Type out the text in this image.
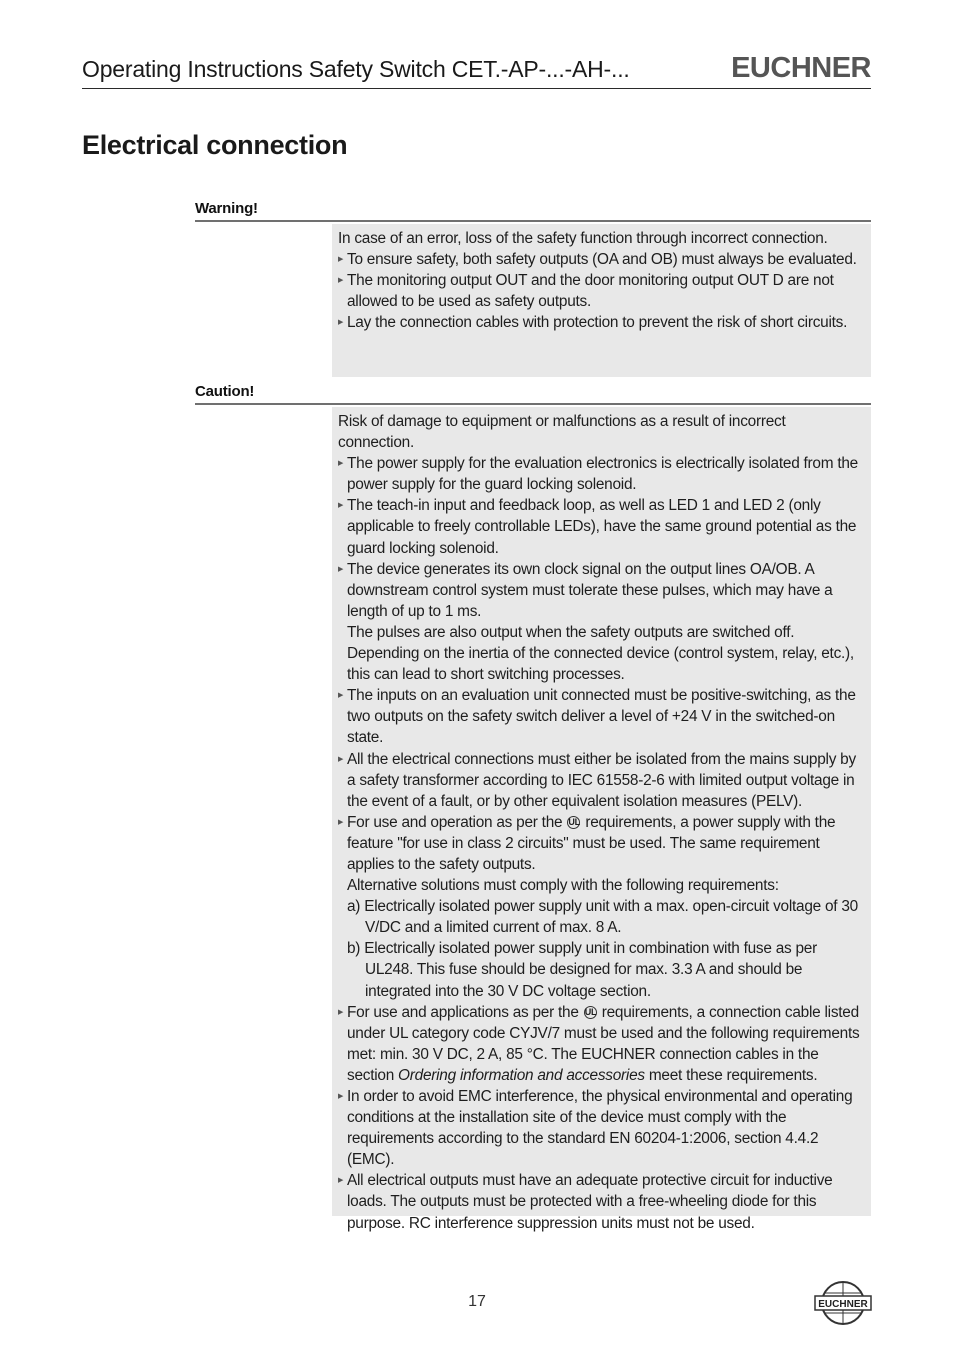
Operating Instructions Safety Switch CET.-AP-...-AH-...	EUCHNER
Electrical connection
Warning!

In case of an error, loss of the safety function through incorrect connection.

▶ To ensure safety, both safety outputs (OA and OB) must always be evaluated.
▶ The monitoring output OUT and the door monitoring output OUT D are not allowed to be used as safety outputs.
▶ Lay the connection cables with protection to prevent the risk of short circuits.
Caution!

Risk of damage to equipment or malfunctions as a result of incorrect connection.

▶ The power supply for the evaluation electronics is electrically isolated from the power supply for the guard locking solenoid.
▶ The teach-in input and feedback loop, as well as LED 1 and LED 2 (only applicable to freely controllable LEDs), have the same ground potential as the guard locking solenoid.
▶ The device generates its own clock signal on the output lines OA/OB. A downstream control system must tolerate these pulses, which may have a length of up to 1 ms.
The pulses are also output when the safety outputs are switched off. Depending on the inertia of the connected device (control system, relay, etc.), this can lead to short switching processes.
▶ The inputs on an evaluation unit connected must be positive-switching, as the two outputs on the safety switch deliver a level of +24 V in the switched-on state.
▶ All the electrical connections must either be isolated from the mains supply by a safety transformer according to IEC 61558-2-6 with limited output voltage in the event of a fault, or by other equivalent isolation measures (PELV).
▶ For use and operation as per the UL requirements, a power supply with the feature "for use in class 2 circuits" must be used. The same requirement applies to the safety outputs.
Alternative solutions must comply with the following requirements:
a) Electrically isolated power supply unit with a max. open-circuit voltage of 30 V/DC and a limited current of max. 8 A.
b) Electrically isolated power supply unit in combination with fuse as per UL248. This fuse should be designed for max. 3.3 A and should be integrated into the 30 V DC voltage section.
▶ For use and applications as per the UL requirements, a connection cable listed under UL category code CYJV/7 must be used and the following requirements met: min. 30 V DC, 2 A, 85 °C. The EUCHNER connection cables in the section Ordering information and accessories meet these requirements.
▶ In order to avoid EMC interference, the physical environmental and operating conditions at the installation site of the device must comply with the requirements according to the standard EN 60204-1:2006, section 4.4.2 (EMC).
▶ All electrical outputs must have an adequate protective circuit for inductive loads. The outputs must be protected with a free-wheeling diode for this purpose. RC interference suppression units must not be used.
17	EUCHNER
